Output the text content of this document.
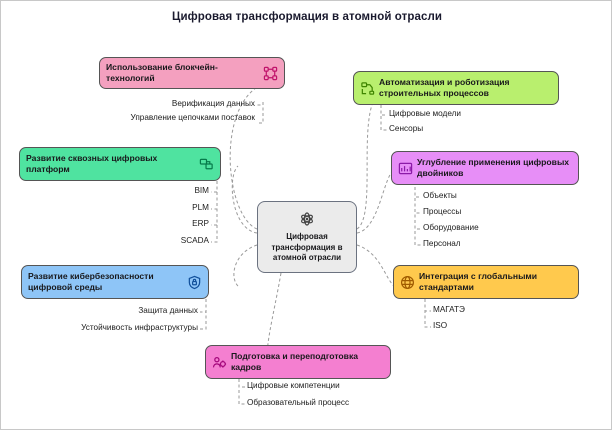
Цифровая трансформация в атомной отрасли
Использование блокчейн-технологий	Автоматизация и роботизация строительных процессов
Развитие сквозных цифровых платформ
Углубление применения цифровых двойников
Развитие кибербезопасности цифровой среды
Интеграция с глобальными стандартами
Подготовка и переподготовка кадров
Цифровая трансформация в атомной отрасли
Верификация данных
Управление цепочками поставок	Цифровые модели
Сенсоры
BIM
PLM
ERP
SCADA
Объекты
Процессы
Оборудование
Персонал
Защита данных
Устойчивость инфраструктуры
МАГАТЭ
ISO
Цифровые компетенции
Образовательный процесс
